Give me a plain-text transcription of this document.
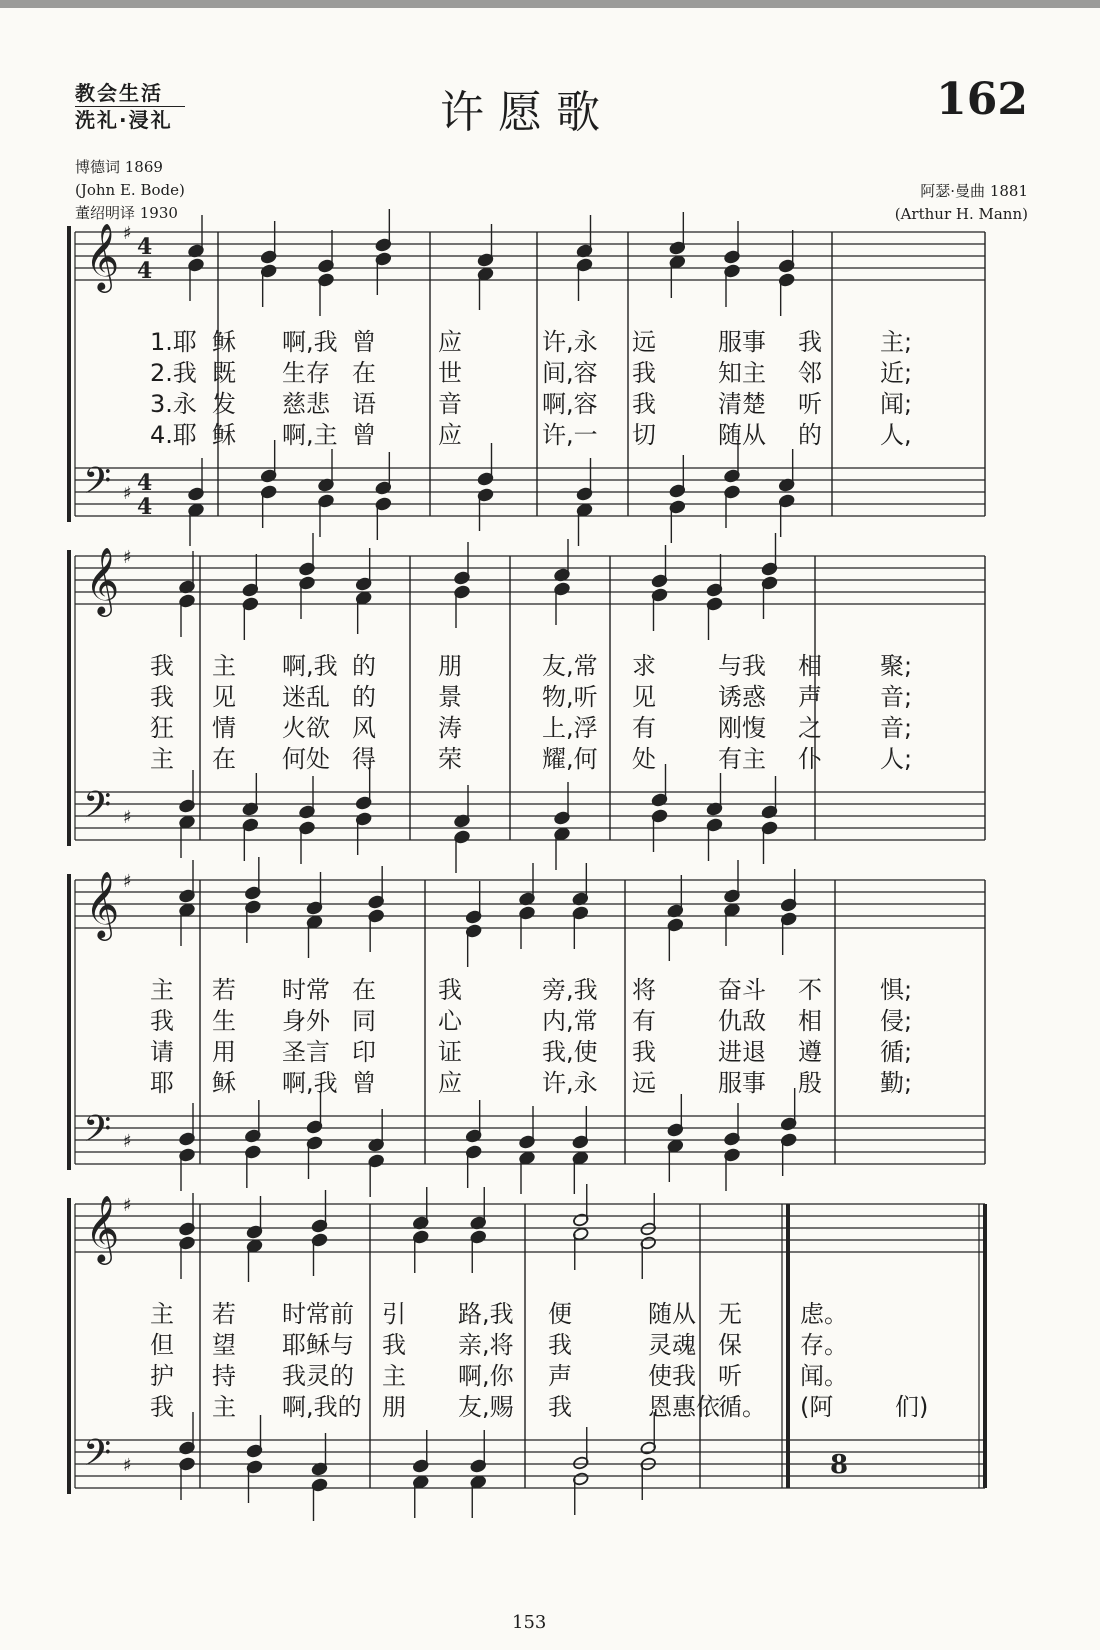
教会生活
洗礼·浸礼	许愿歌	162
博德词 1869
(John E. Bode)
董绍明译 1930
阿瑟·曼曲 1881
(Arthur H. Mann)
𝄞
𝄢
♯
♯
4
4
4
4
𝄞
𝄢
♯
♯
𝄞
𝄢
♯
♯
𝄞
𝄢
♯
♯	8
1.耶 稣 啊,我 曾	应	许,永 远	服事 我 主;
2.我 既 生存 在	世	间,容 我	知主 邻 近;
3.永 发 慈悲 语	音	啊,容 我	清楚 听 闻;
4.耶 稣 啊,主 曾	应	许,一 切	随从 的 人,
我 主 啊,我 的	朋	友,常 求	与我 相 聚;
我 见 迷乱 的	景	物,听 见	诱惑 声 音;
狂 情 火欲 风	涛	上,浮 有	刚愎 之 音;
主 在 何处 得	荣	耀,何 处	有主 仆 人;
主 若 时常 在	我	旁,我 将	奋斗 不 惧;
我 生 身外 同	心	内,常 有	仇敌 相 侵;
请 用 圣言 印	证	我,使 我	进退 遵 循;
耶 稣 啊,我 曾	应	许,永 远	服事 殷 勤;
主 若 时常前 引 路,我 便	随从 无 虑。
但 望 耶稣与 我 亲,将 我	灵魂 保 存。
护 持 我灵的 主 啊,你 声	使我 听 闻。
我 主 啊,我的 朋 友,赐 我	恩惠依
循。 (阿	们)
153
